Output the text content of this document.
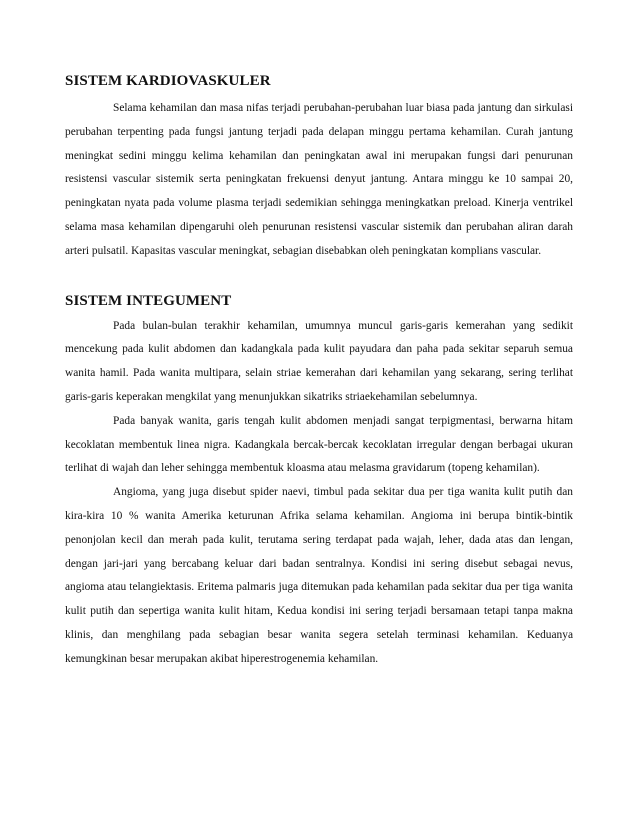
SISTEM KARDIOVASKULER

Selama kehamilan dan masa nifas terjadi perubahan-perubahan luar biasa pada jantung dan sirkulasi perubahan terpenting pada fungsi jantung terjadi pada delapan minggu pertama kehamilan. Curah jantung meningkat sedini minggu kelima kehamilan dan peningkatan awal ini merupakan fungsi dari penurunan resistensi vascular sistemik serta peningkatan frekuensi denyut jantung. Antara minggu ke 10 sampai 20, peningkatan nyata pada volume plasma terjadi sedemikian sehingga meningkatkan preload. Kinerja ventrikel selama masa kehamilan dipengaruhi oleh penurunan resistensi vascular sistemik dan perubahan aliran darah arteri pulsatil. Kapasitas vascular meningkat, sebagian disebabkan oleh peningkatan komplians vascular.

SISTEM INTEGUMENT

Pada bulan-bulan terakhir kehamilan, umumnya muncul garis-garis kemerahan yang sedikit mencekung pada kulit abdomen dan kadangkala pada kulit payudara dan paha pada sekitar separuh semua wanita hamil. Pada wanita multipara, selain striae kemerahan dari kehamilan yang sekarang, sering terlihat garis-garis keperakan mengkilat yang menunjukkan sikatriks striaekehamilan sebelumnya.

Pada banyak wanita, garis tengah kulit abdomen menjadi sangat terpigmentasi, berwarna hitam kecoklatan membentuk linea nigra. Kadangkala bercak-bercak kecoklatan irregular dengan berbagai ukuran terlihat di wajah dan leher sehingga membentuk kloasma atau melasma gravidarum (topeng kehamilan).

Angioma, yang juga disebut spider naevi, timbul pada sekitar dua per tiga wanita kulit putih dan kira-kira 10 % wanita Amerika keturunan Afrika selama kehamilan. Angioma ini berupa bintik-bintik penonjolan kecil dan merah pada kulit, terutama sering terdapat pada wajah, leher, dada atas dan lengan, dengan jari-jari yang bercabang keluar dari badan sentralnya. Kondisi ini sering disebut sebagai nevus, angioma atau telangiektasis. Eritema palmaris juga ditemukan pada kehamilan pada sekitar dua per tiga wanita kulit putih dan sepertiga wanita kulit hitam, Kedua kondisi ini sering terjadi bersamaan tetapi tanpa makna klinis, dan menghilang pada sebagian besar wanita segera setelah terminasi kehamilan. Keduanya kemungkinan besar merupakan akibat hiperestrogenemia kehamilan.
